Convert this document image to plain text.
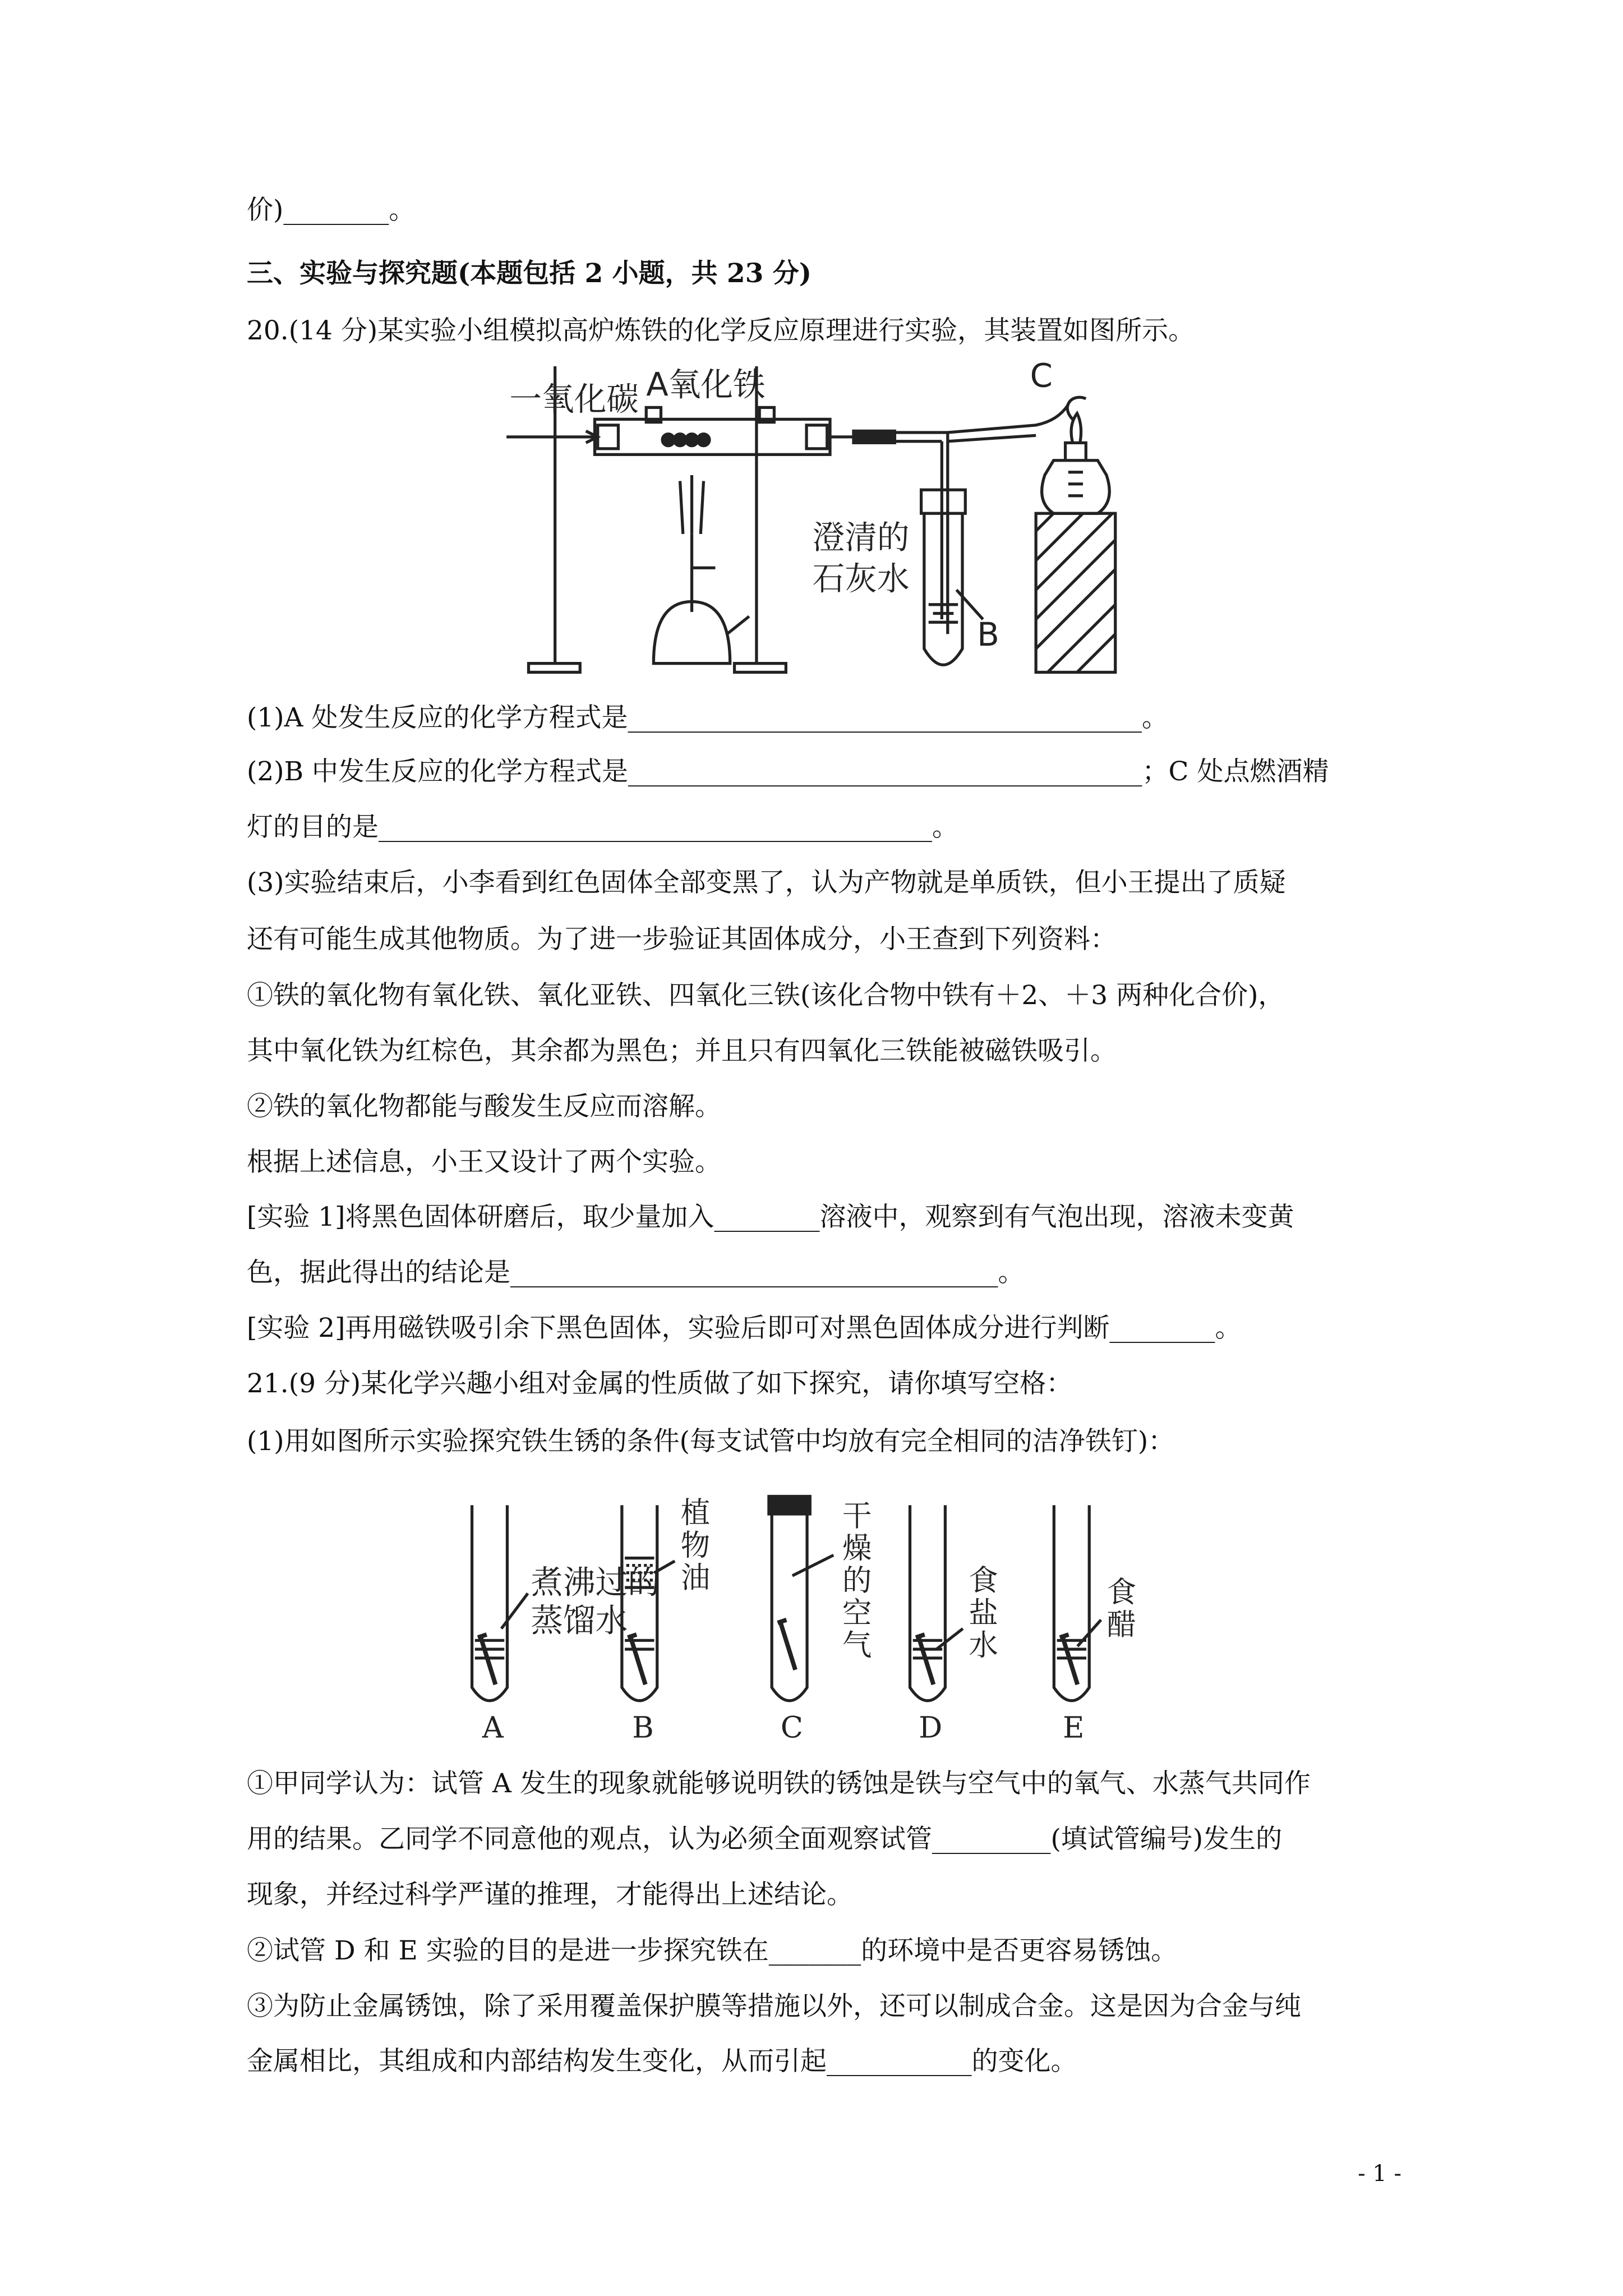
价)________。
三、实验与探究题(本题包括 2 小题，共 23 分)
20.(14 分)某实验小组模拟高炉炼铁的化学反应原理进行实验，其装置如图所示。
一氧化碳 A氧化铁	C
澄清的
石灰水
B
(1)A 处发生反应的化学方程式是_______________________________________。
(2)B 中发生反应的化学方程式是_______________________________________；C 处点燃酒精
灯的目的是__________________________________________。
(3)实验结束后，小李看到红色固体全部变黑了，认为产物就是单质铁，但小王提出了质疑
还有可能生成其他物质。为了进一步验证其固体成分，小王查到下列资料：
①铁的氧化物有氧化铁、氧化亚铁、四氧化三铁(该化合物中铁有＋2、＋3 两种化合价)，
其中氧化铁为红棕色，其余都为黑色；并且只有四氧化三铁能被磁铁吸引。
②铁的氧化物都能与酸发生反应而溶解。
根据上述信息，小王又设计了两个实验。
[实验 1]将黑色固体研磨后，取少量加入________溶液中，观察到有气泡出现，溶液未变黄
色，据此得出的结论是_____________________________________。
[实验 2]再用磁铁吸引余下黑色固体，实验后即可对黑色固体成分进行判断________。
21.(9 分)某化学兴趣小组对金属的性质做了如下探究，请你填写空格：
(1)用如图所示实验探究铁生锈的条件(每支试管中均放有完全相同的洁净铁钉)：
煮沸过的
蒸馏水
植
物
油
干
燥
的
空
气
食
盐
水
食
醋
A	B	C	D	E
①甲同学认为：试管 A 发生的现象就能够说明铁的锈蚀是铁与空气中的氧气、水蒸气共同作
用的结果。乙同学不同意他的观点，认为必须全面观察试管_________(填试管编号)发生的
现象，并经过科学严谨的推理，才能得出上述结论。
②试管 D 和 E 实验的目的是进一步探究铁在_______的环境中是否更容易锈蚀。
③为防止金属锈蚀，除了采用覆盖保护膜等措施以外，还可以制成合金。这是因为合金与纯
金属相比，其组成和内部结构发生变化，从而引起___________的变化。
- 1 -
